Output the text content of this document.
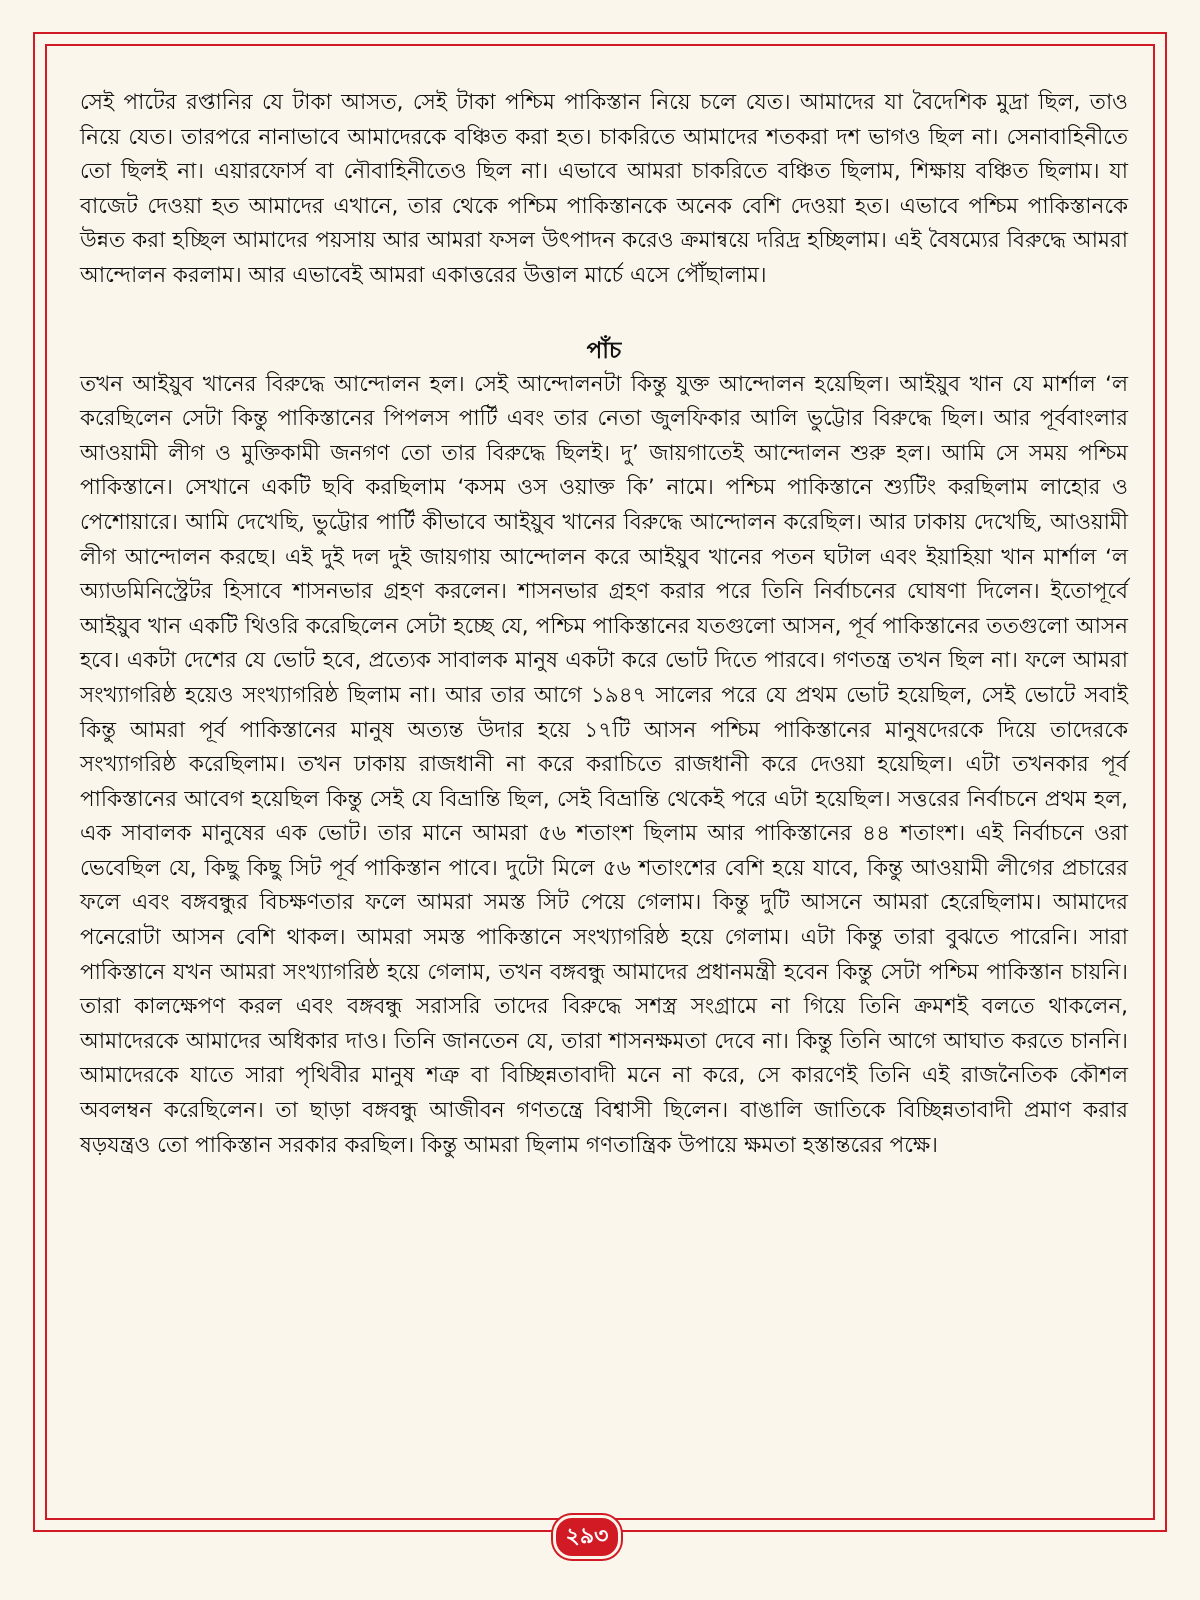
সেই পাটের রপ্তানির যে টাকা আসত, সেই টাকা পশ্চিম পাকিস্তান নিয়ে চলে যেত। আমাদের যা বৈদেশিক মুদ্রা ছিল, তাও নিয়ে যেত। তারপরে নানাভাবে আমাদেরকে বঞ্চিত করা হত। চাকরিতে আমাদের শতকরা দশ ভাগও ছিল না। সেনাবাহিনীতে তো ছিলই না। এয়ারফোর্স বা নৌবাহিনীতেও ছিল না। এভাবে আমরা চাকরিতে বঞ্চিত ছিলাম, শিক্ষায় বঞ্চিত ছিলাম। যা বাজেট দেওয়া হত আমাদের এখানে, তার থেকে পশ্চিম পাকিস্তানকে অনেক বেশি দেওয়া হত। এভাবে পশ্চিম পাকিস্তানকে উন্নত করা হচ্ছিল আমাদের পয়সায় আর আমরা ফসল উৎপাদন করেও ক্রমান্বয়ে দরিদ্র হচ্ছিলাম। এই বৈষম্যের বিরুদ্ধে আমরা আন্দোলন করলাম। আর এভাবেই আমরা একাত্তরের উত্তাল মার্চে এসে পৌঁছালাম।

পাঁচ

তখন আইয়ুব খানের বিরুদ্ধে আন্দোলন হল। সেই আন্দোলনটা কিন্তু যুক্ত আন্দোলন হয়েছিল। আইয়ুব খান যে মার্শাল ‘ল করেছিলেন সেটা কিন্তু পাকিস্তানের পিপলস পার্টি এবং তার নেতা জুলফিকার আলি ভুট্টোর বিরুদ্ধে ছিল। আর পূর্ববাংলার আওয়ামী লীগ ও মুক্তিকামী জনগণ তো তার বিরুদ্ধে ছিলই। দু’ জায়গাতেই আন্দোলন শুরু হল। আমি সে সময় পশ্চিম পাকিস্তানে। সেখানে একটি ছবি করছিলাম ‘কসম ওস ওয়াক্ত কি’ নামে। পশ্চিম পাকিস্তানে শ্যুটিং করছিলাম লাহোর ও পেশোয়ারে। আমি দেখেছি, ভুট্টোর পার্টি কীভাবে আইয়ুব খানের বিরুদ্ধে আন্দোলন করেছিল। আর ঢাকায় দেখেছি, আওয়ামী লীগ আন্দোলন করছে। এই দুই দল দুই জায়গায় আন্দোলন করে আইয়ুব খানের পতন ঘটাল এবং ইয়াহিয়া খান মার্শাল ‘ল অ্যাডমিনিস্ট্রেটর হিসাবে শাসনভার গ্রহণ করলেন। শাসনভার গ্রহণ করার পরে তিনি নির্বাচনের ঘোষণা দিলেন। ইতোপূর্বে আইয়ুব খান একটি থিওরি করেছিলেন সেটা হচ্ছে যে, পশ্চিম পাকিস্তানের যতগুলো আসন, পূর্ব পাকিস্তানের ততগুলো আসন হবে। একটা দেশের যে ভোট হবে, প্রত্যেক সাবালক মানুষ একটা করে ভোট দিতে পারবে। গণতন্ত্র তখন ছিল না। ফলে আমরা সংখ্যাগরিষ্ঠ হয়েও সংখ্যাগরিষ্ঠ ছিলাম না। আর তার আগে ১৯৪৭ সালের পরে যে প্রথম ভোট হয়েছিল, সেই ভোটে সবাই কিন্তু আমরা পূর্ব পাকিস্তানের মানুষ অত্যন্ত উদার হয়ে ১৭টি আসন পশ্চিম পাকিস্তানের মানুষদেরকে দিয়ে তাদেরকে সংখ্যাগরিষ্ঠ করেছিলাম। তখন ঢাকায় রাজধানী না করে করাচিতে রাজধানী করে দেওয়া হয়েছিল। এটা তখনকার পূর্ব পাকিস্তানের আবেগ হয়েছিল কিন্তু সেই যে বিভ্রান্তি ছিল, সেই বিভ্রান্তি থেকেই পরে এটা হয়েছিল। সত্তরের নির্বাচনে প্রথম হল, এক সাবালক মানুষের এক ভোট। তার মানে আমরা ৫৬ শতাংশ ছিলাম আর পাকিস্তানের ৪৪ শতাংশ। এই নির্বাচনে ওরা ভেবেছিল যে, কিছু কিছু সিট পূর্ব পাকিস্তান পাবে। দুটো মিলে ৫৬ শতাংশের বেশি হয়ে যাবে, কিন্তু আওয়ামী লীগের প্রচারের ফলে এবং বঙ্গবন্ধুর বিচক্ষণতার ফলে আমরা সমস্ত সিট পেয়ে গেলাম। কিন্তু দুটি আসনে আমরা হেরেছিলাম। আমাদের পনেরোটা আসন বেশি থাকল। আমরা সমস্ত পাকিস্তানে সংখ্যাগরিষ্ঠ হয়ে গেলাম। এটা কিন্তু তারা বুঝতে পারেনি। সারা পাকিস্তানে যখন আমরা সংখ্যাগরিষ্ঠ হয়ে গেলাম, তখন বঙ্গবন্ধু আমাদের প্রধানমন্ত্রী হবেন কিন্তু সেটা পশ্চিম পাকিস্তান চায়নি। তারা কালক্ষেপণ করল এবং বঙ্গবন্ধু সরাসরি তাদের বিরুদ্ধে সশস্ত্র সংগ্রামে না গিয়ে তিনি ক্রমশই বলতে থাকলেন, আমাদেরকে আমাদের অধিকার দাও। তিনি জানতেন যে, তারা শাসনক্ষমতা দেবে না। কিন্তু তিনি আগে আঘাত করতে চাননি। আমাদেরকে যাতে সারা পৃথিবীর মানুষ শত্রু বা বিচ্ছিন্নতাবাদী মনে না করে, সে কারণেই তিনি এই রাজনৈতিক কৌশল অবলম্বন করেছিলেন। তা ছাড়া বঙ্গবন্ধু আজীবন গণতন্ত্রে বিশ্বাসী ছিলেন। বাঙালি জাতিকে বিচ্ছিন্নতাবাদী প্রমাণ করার ষড়যন্ত্রও তো পাকিস্তান সরকার করছিল। কিন্তু আমরা ছিলাম গণতান্ত্রিক উপায়ে ক্ষমতা হস্তান্তরের পক্ষে।

২৯৩
